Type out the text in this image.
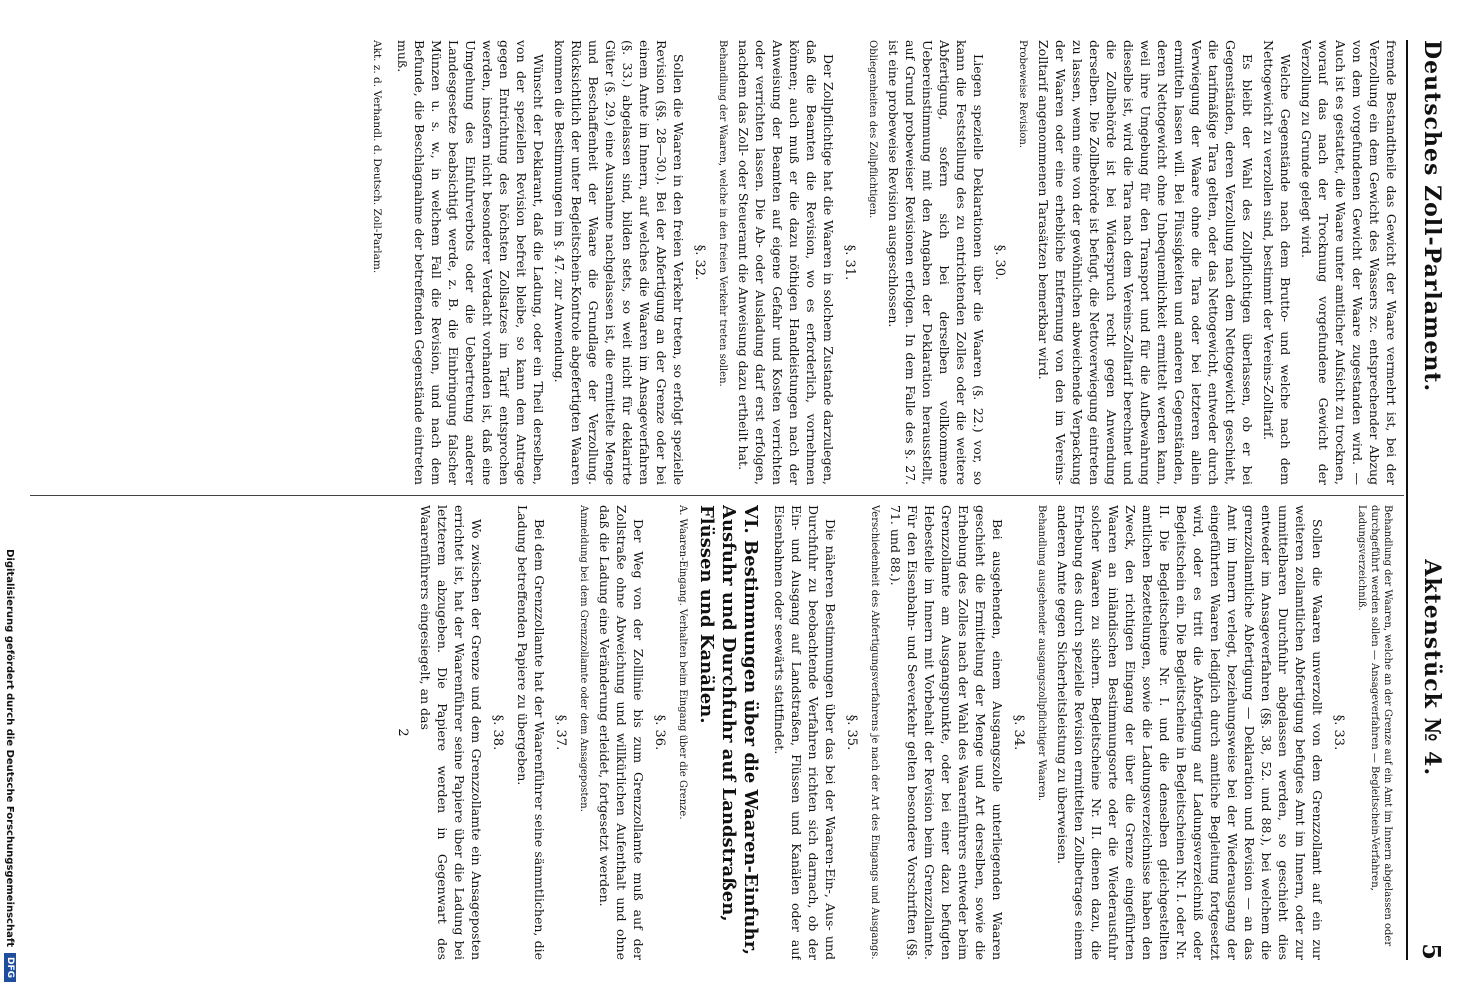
Deutsches Zoll-Parlament.
Aktenstück № 4.
5

fremde Bestandtheile das Gewicht der Waare vermehrt ist, bei der Verzollung ein dem Gewicht des Wassers zc. entsprechender Abzug von dem vorgefundenen Gewicht der Waare zugestanden wird. — Auch ist es gestattet, die Waare unter amtlicher Aufsicht zu trocknen, worauf das nach der Trocknung vorgefundene Gewicht der Verzollung zu Grunde gelegt wird.

Welche Gegenstände nach dem Brutto- und welche nach dem Nettogewicht zu verzollen sind, bestimmt der Vereins-Zolltarif.

Es bleibt der Wahl des Zollpflichtigen überlassen, ob er bei Gegenständen, deren Verzollung nach dem Nettogewicht geschieht, die tarifmäßige Tara gelten, oder das Nettogewicht, entweder durch Verwiegung der Waare ohne die Tara oder bei letzteren allein ermitteln lassen will. Bei Flüssigkeiten und anderen Gegenständen, deren Nettogewicht ohne Unbequemlichkeit ermittelt werden kann, weil ihre Umgebung für den Transport und für die Aufbewahrung dieselbe ist, wird die Tara nach dem Vereins-Zolltarif berechnet und die Zollbehörde ist bei Widerspruch recht gegen Anwendung derselben. Die Zollbehörde ist befugt, die Nettoverwiegung eintreten zu lassen, wenn eine von der gewöhnlichen abweichende Verpackung der Waaren oder eine erhebliche Entfernung von den im Vereins-Zolltarif angenommenen Tarasätzen bemerkbar wird.

Probeweise Revision.
§. 30.

Liegen spezielle Deklarationen über die Waaren (§. 22.) vor, so kann die Feststellung des zu entrichtenden Zolles oder die weitere Abfertigung, sofern sich bei derselben vollkommene Uebereinstimmung mit den Angaben der Deklaration herausstellt, auf Grund probeweiser Revisionen erfolgen. In dem Falle des §. 27. ist eine probeweise Revision ausgeschlossen.

Obliegenheiten des Zollpflichtigen.
§. 31.

Der Zollpflichtige hat die Waaren in solchem Zustande darzulegen, daß die Beamten die Revision, wo es erforderlich, vornehmen können; auch muß er die dazu nöthigen Handleistungen nach der Anweisung der Beamten auf eigene Gefahr und Kosten verrichten oder verrichten lassen. Die Ab- oder Ausladung darf erst erfolgen, nachdem das Zoll- oder Steueramt die Anweisung dazu ertheilt hat.

Behandlung der Waaren, welche in den freien Verkehr treten sollen.
§. 32.

Sollen die Waaren in den freien Verkehr treten, so erfolgt spezielle Revision (§§. 28—30.). Bei der Abfertigung an der Grenze oder bei einem Amte im Innern, auf welches die Waaren im Ansageverfahren (§. 33.) abgelassen sind, bilden stets, so weit nicht für deklarirte Güter (§. 29.) eine Ausnahme nachgelassen ist, die ermittelte Menge und Beschaffenheit der Waare die Grundlage der Verzollung. Rücksichtlich der unter Begleitschein-Kontrole abgefertigten Waaren kommen die Bestimmungen im §. 47. zur Anwendung.

Wünscht der Deklarant, daß die Ladung, oder ein Theil derselben, von der speziellen Revision befreit bleibe, so kann dem Antrage gegen Entrichtung des höchsten Zollsatzes im Tarif entsprochen werden, insofern nicht besonderer Verdacht vorhanden ist, daß eine Umgehung des Einfuhrverbots oder die Uebertretung anderer Landesgesetze beabsichtigt werde, z. B. die Einbringung falscher Münzen u. s. w., in welchem Fall die Revision, und nach dem Befunde, die Beschlagnahme der betreffenden Gegenstände eintreten muß.

Akt. z. d. Verhandl. d. Deutsch. Zoll-Parlam.
Behandlung der Waaren, welche an der Grenze auf ein Amt im Innern abgelassen oder durchgeführt werden sollen — Ansageverfahren — Begleitschein-Verfahren, Ladungsverzeichniß.
§. 33.

Sollen die Waaren unverzollt von dem Grenzzollamt auf ein zur weiteren zollamtlichen Abfertigung befugtes Amt im Innern, oder zur unmittelbaren Durchfuhr abgelassen werden, so geschieht dies entweder im Ansageverfahren (§§. 38, 52. und 88.), bei welchem die grenzzollamtliche Abfertigung — Deklaration und Revision — an das Amt im Innern verlegt, beziehungsweise bei der Wiederausgang der eingeführten Waaren lediglich durch amtliche Begleitung fortgesetzt wird, oder es tritt die Abfertigung auf Ladungsverzeichniß oder Begleitschein ein. Die Begleitscheine in Begleitscheinen Nr. I. oder Nr. II. Die Begleitscheine Nr. I. und die denselben gleichgestellten amtlichen Bezettelungen, sowie die Ladungsverzeichnisse haben den Zweck, den richtigen Eingang der über die Grenze eingeführten Waaren an inländischen Bestimmungsorte oder die Wiederausfuhr solcher Waaren zu sichern. Begleitscheine Nr. II. dienen dazu, die Erhebung des durch spezielle Revision ermittelten Zollbetrages einem anderen Amte gegen Sicherheitsleistung zu überweisen.

Behandlung ausgehender ausgangszollpflichtiger Waaren.
§. 34.

Bei ausgehenden, einem Ausgangszolle unterliegenden Waaren geschieht die Ermittelung der Menge und Art derselben, sowie die Erhebung des Zolles nach der Wahl des Waarenführers entweder beim Grenzzollamte am Ausgangspunkte, oder bei einer dazu befugten Hebestelle im Innern mit Vorbehalt der Revision beim Grenzzollamte. Für den Eisenbahn- und Seeverkehr gelten besondere Vorschriften (§§. 71. und 88.).

Verschiedenheit des Abfertigungsverfahrens je nach der Art des Eingangs und Ausgangs.
§. 35.

Die näheren Bestimmungen über das bei der Waaren-Ein-, Aus- und Durchfuhr zu beobachtende Verfahren richten sich darnach, ob der Ein- und Ausgang auf Landstraßen, Flüssen und Kanälen oder auf Eisenbahnen oder seewärts stattfindet.

VI. Bestimmungen über die Waaren-Einfuhr, Ausfuhr und Durchfuhr auf Landstraßen, Flüssen und Kanälen.
A. Waaren-Eingang. Verhalten beim Eingang über die Grenze.
§. 36.

Der Weg von der Zolllinie bis zum Grenzzollamte muß auf der Zollstraße ohne Abweichung und willkürlichen Aufenthalt und ohne daß die Ladung eine Veränderung erleidet, fortgesetzt werden.

Anmeldung bei dem Grenzzollamte oder dem Ansageposten.
§. 37.

Bei dem Grenzzollamte hat der Waarenführer seine sämmtlichen, die Ladung betreffenden Papiere zu übergeben.

§. 38.

Wo zwischen der Grenze und dem Grenzzollamte ein Ansageposten errichtet ist, hat der Waarenführer seine Papiere über die Ladung bei letzterem abzugeben. Die Papiere werden in Gegenwart des Waarenführers eingesiegelt, an das

2
Digitalisierung gefördert durch die Deutsche Forschungsgemeinschaft
DFG
